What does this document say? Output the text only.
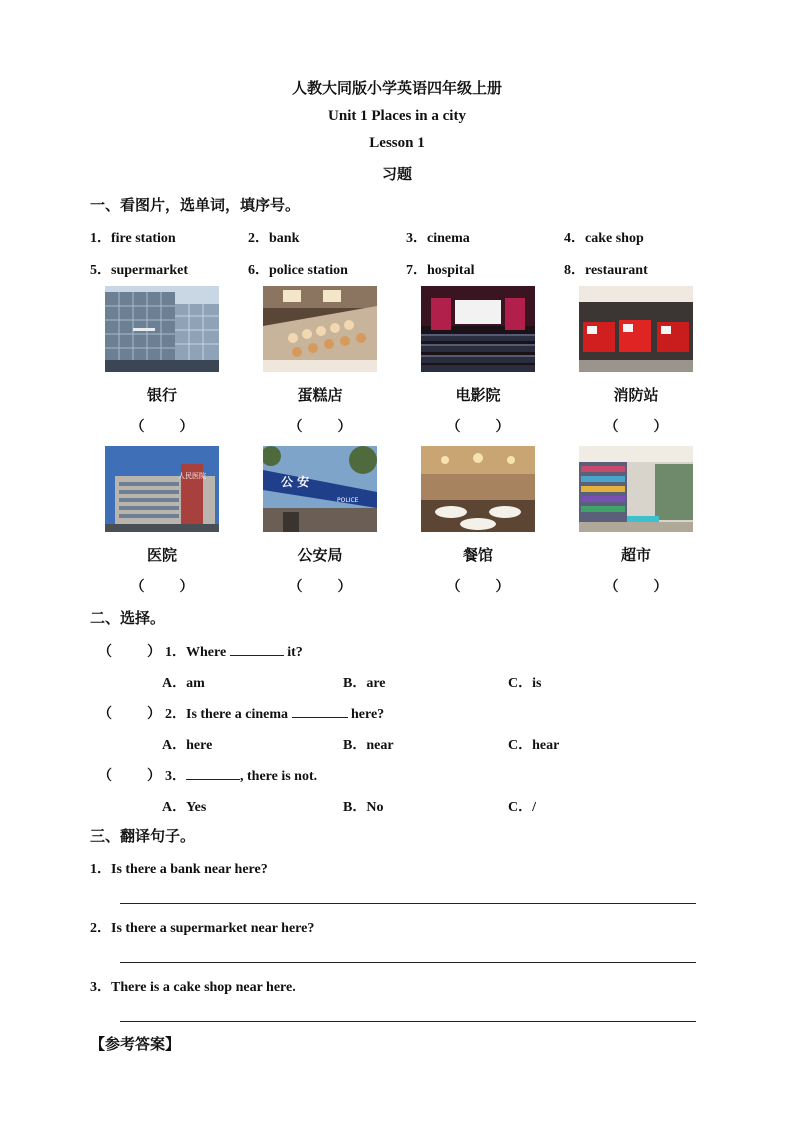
人教大同版小学英语四年级上册
Unit 1 Places in a city
Lesson 1
习题
一、看图片，选单词，填序号。
1．fire station	2．bank	3．cinema	4．cake shop
5．supermarket	6．police station	7．hospital	8．restaurant
银行	蛋糕店	电影院	消防站
（          ）	（          ）	（          ）	（          ）
人民医院	公 安
POLICE
医院	公安局	餐馆	超市
（          ）	（          ）	（          ）	（          ）
二、选择。
（          ） 1．Where	it?
A．am	B．are	C．is
（          ） 2．Is there a cinema	here?
A．here	B．near	C．hear
（          ） 3．	, there is not.
A．Yes	B．No	C．/
三、翻译句子。
1．Is there a bank near here?
2．Is there a supermarket near here?
3．There is a cake shop near here.
【参考答案】
